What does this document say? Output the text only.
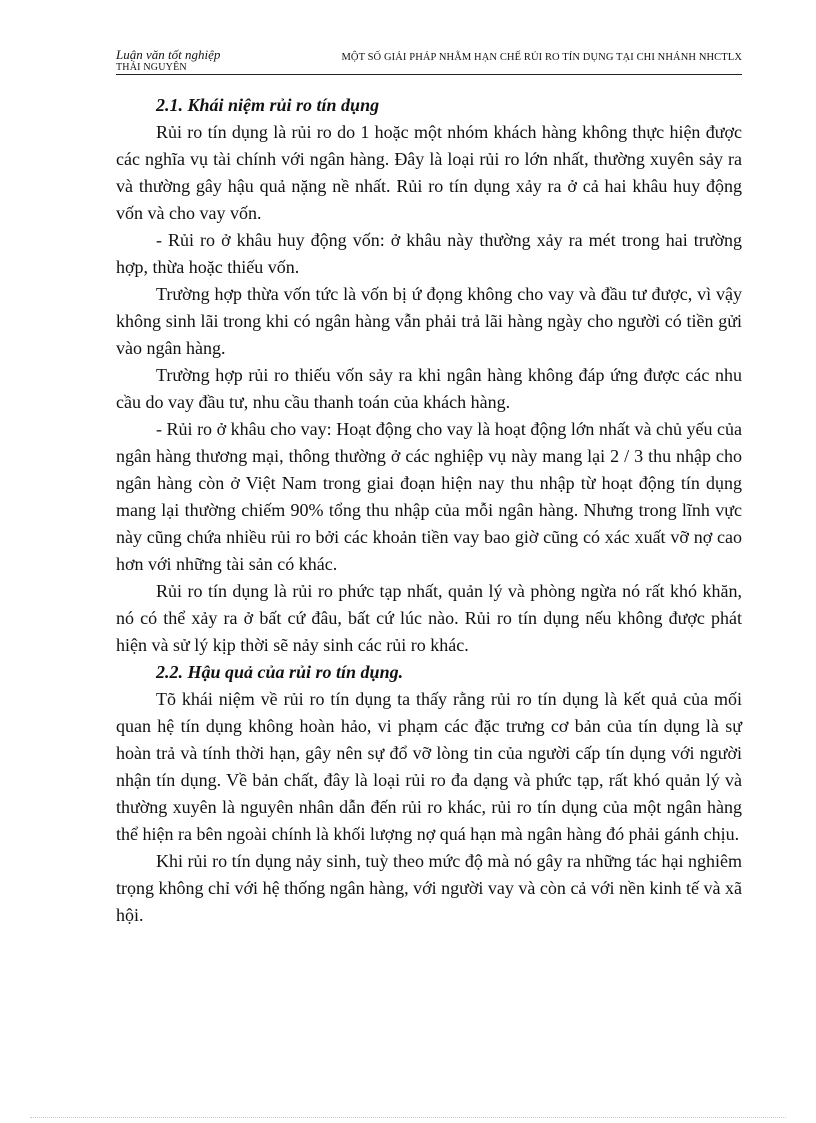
Luận văn tốt nghiệp
THÁI NGUYÊN
MỘT SỐ GIẢI PHÁP NHẰM HẠN CHẾ RỦI RO TÍN DỤNG TẠI CHI NHÁNH NHCTLX

2.1. Khái niệm rủi ro tín dụng

Rủi ro tín dụng là rủi ro do 1 hoặc một nhóm khách hàng không thực hiện được các nghĩa vụ tài chính với ngân hàng. Đây là loại rủi ro lớn nhất, thường xuyên sảy ra và thường gây hậu quả nặng nề nhất. Rủi ro tín dụng xảy ra ở cả hai khâu huy động vốn và cho vay vốn.

- Rủi ro ở khâu huy động vốn: ở khâu này thường xảy ra mét trong hai trường hợp, thừa hoặc thiếu vốn.

Trường hợp thừa vốn tức là vốn bị ứ đọng không cho vay và đầu tư được, vì vậy không sinh lãi trong khi có ngân hàng vẫn phải trả lãi hàng ngày cho người có tiền gửi vào ngân hàng.

Trường hợp rủi ro thiếu vốn sảy ra khi ngân hàng không đáp ứng được các nhu cầu do vay đầu tư, nhu cầu thanh toán của khách hàng.

- Rủi ro ở khâu cho vay: Hoạt động cho vay là hoạt động lớn nhất và chủ yếu của ngân hàng thương mại, thông thường ở các nghiệp vụ này mang lại 2 / 3 thu nhập cho ngân hàng còn ở Việt Nam trong giai đoạn hiện nay thu nhập từ hoạt động tín dụng mang lại thường chiếm 90% tổng thu nhập của mỗi ngân hàng. Nhưng trong lĩnh vực này cũng chứa nhiều rủi ro bởi các khoản tiền vay bao giờ cũng có xác xuất vỡ nợ cao hơn với những tài sản có khác.

Rủi ro tín dụng là rủi ro phức tạp nhất, quản lý và phòng ngừa nó rất khó khăn, nó có thể xảy ra ở bất cứ đâu, bất cứ lúc nào. Rủi ro tín dụng nếu không được phát hiện và sử lý kịp thời sẽ nảy sinh các rủi ro khác.

2.2. Hậu quả của rủi ro tín dụng.

Tõ khái niệm về rủi ro tín dụng ta thấy rằng rủi ro tín dụng là kết quả của mối quan hệ tín dụng không hoàn hảo, vi phạm các đặc trưng cơ bản của tín dụng là sự hoàn trả và tính thời hạn, gây nên sự đổ vỡ lòng tin của người cấp tín dụng với người nhận tín dụng. Về bản chất, đây là loại rủi ro đa dạng và phức tạp, rất khó quản lý và thường xuyên là nguyên nhân dẫn đến rủi ro khác, rủi ro tín dụng của một ngân hàng thể hiện ra bên ngoài chính là khối lượng nợ quá hạn mà ngân hàng đó phải gánh chịu.

Khi rủi ro tín dụng nảy sinh, tuỳ theo mức độ mà nó gây ra những tác hại nghiêm trọng không chỉ với hệ thống ngân hàng, với người vay và còn cả với nền kinh tế và xã hội.
